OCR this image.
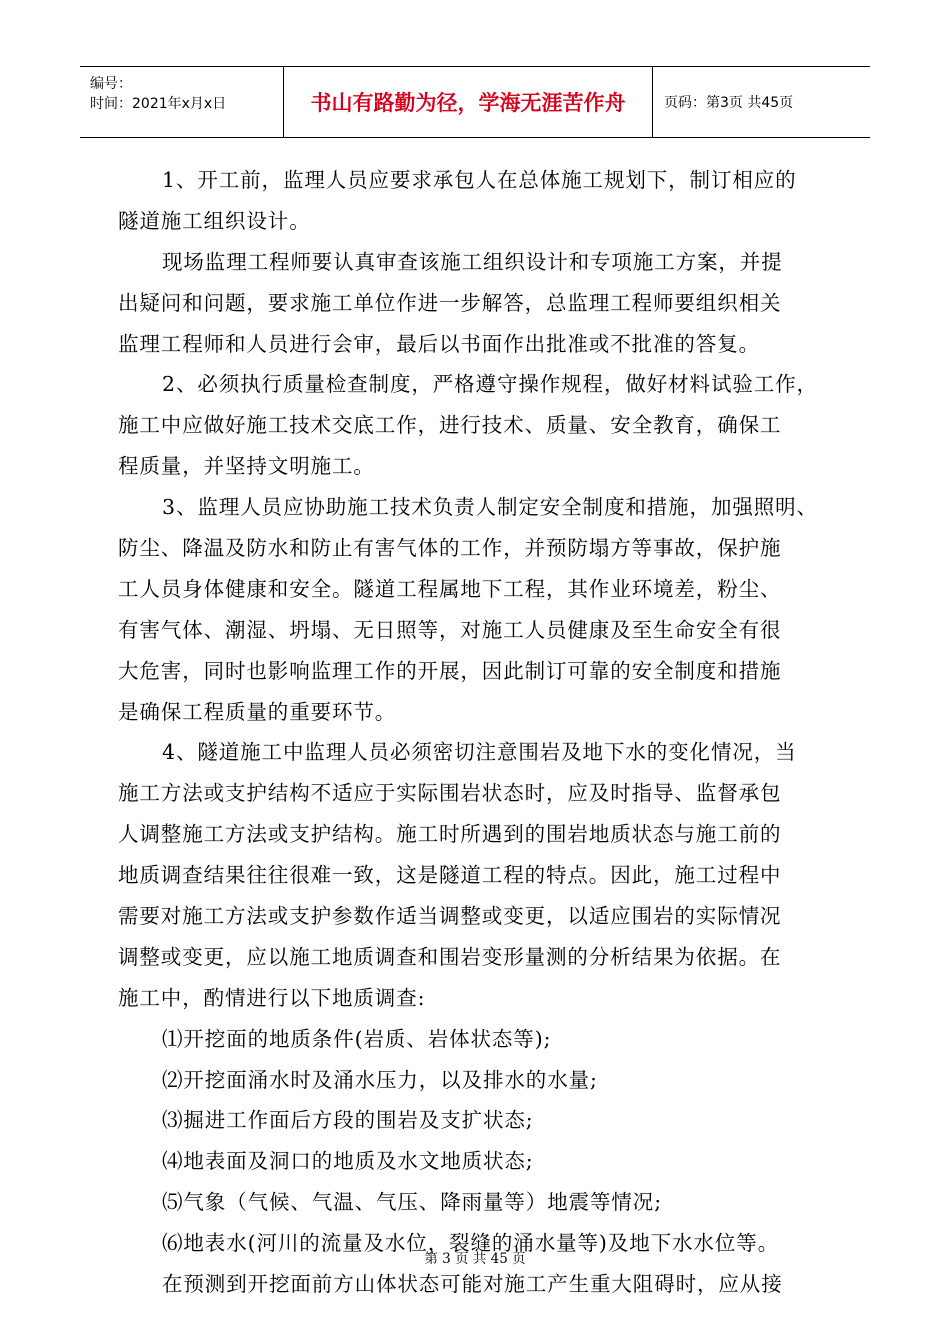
编号：
时间：2021年x月x日	书山有路勤为径，学海无涯苦作舟	页码：第3页 共45页
1、开工前，监理人员应要求承包人在总体施工规划下，制订相应的
隧道施工组织设计。
现场监理工程师要认真审查该施工组织设计和专项施工方案，并提
出疑问和问题，要求施工单位作进一步解答，总监理工程师要组织相关
监理工程师和人员进行会审，最后以书面作出批准或不批准的答复。
2、必须执行质量检查制度，严格遵守操作规程，做好材料试验工作，
施工中应做好施工技术交底工作，进行技术、质量、安全教育，确保工
程质量，并坚持文明施工。
3、监理人员应协助施工技术负责人制定安全制度和措施，加强照明、
防尘、降温及防水和防止有害气体的工作，并预防塌方等事故，保护施
工人员身体健康和安全。隧道工程属地下工程，其作业环境差，粉尘、
有害气体、潮湿、坍塌、无日照等，对施工人员健康及至生命安全有很
大危害，同时也影响监理工作的开展，因此制订可靠的安全制度和措施
是确保工程质量的重要环节。
4、隧道施工中监理人员必须密切注意围岩及地下水的变化情况，当
施工方法或支护结构不适应于实际围岩状态时，应及时指导、监督承包
人调整施工方法或支护结构。施工时所遇到的围岩地质状态与施工前的
地质调查结果往往很难一致，这是隧道工程的特点。因此，施工过程中
需要对施工方法或支护参数作适当调整或变更，以适应围岩的实际情况
调整或变更，应以施工地质调查和围岩变形量测的分析结果为依据。在
施工中，酌情进行以下地质调查:
⑴开挖面的地质条件(岩质、岩体状态等);
⑵开挖面涌水时及涌水压力，以及排水的水量;
⑶掘进工作面后方段的围岩及支扩状态;
⑷地表面及洞口的地质及水文地质状态;
⑸气象（气候、气温、气压、降雨量等）地震等情况;
⑹地表水(河川的流量及水位，裂缝的涌水量等)及地下水水位等。
在预测到开挖面前方山体状态可能对施工产生重大阻碍时，应从接
第 3 页 共 45 页
